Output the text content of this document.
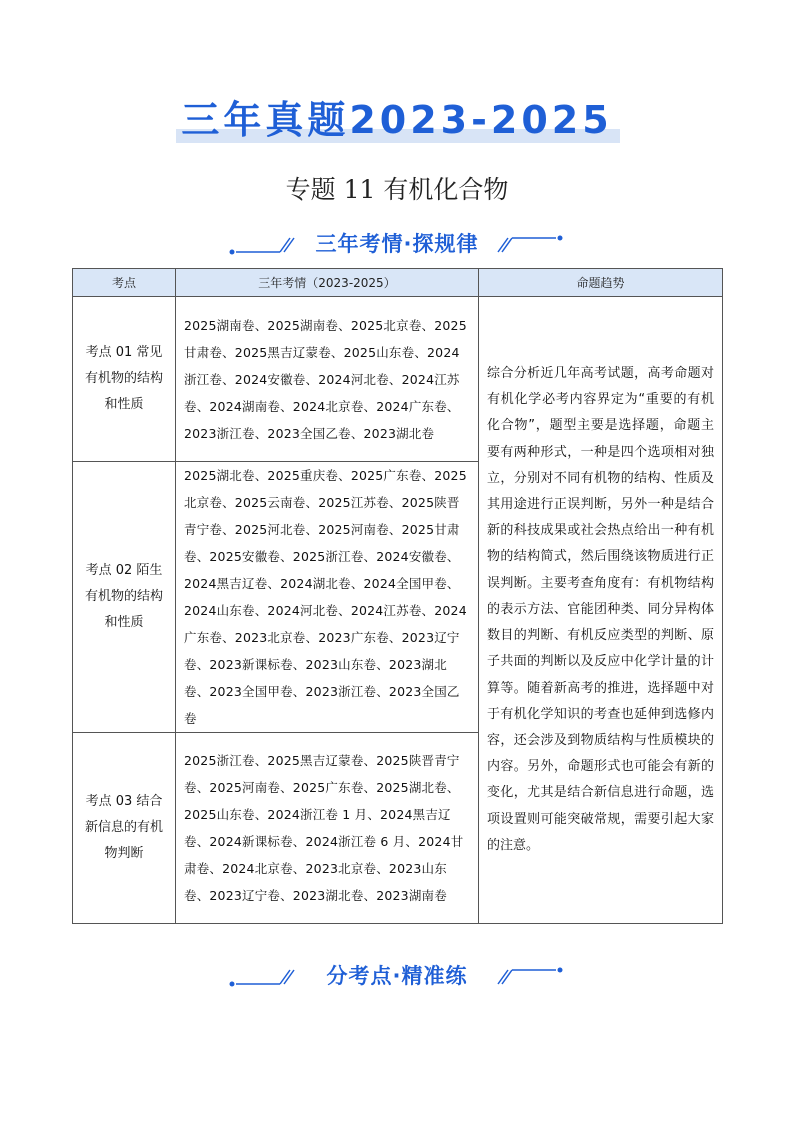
三年真题2023-2025
专题 11 有机化合物
三年考情·探规律
考点	三年考情（2023-2025）	命题趋势
考点 01 常见有机物的结构和性质	2025湖南卷、2025湖南卷、2025北京卷、2025甘肃卷、2025黑吉辽蒙卷、2025山东卷、2024浙江卷、2024安徽卷、2024河北卷、2024江苏卷、2024湖南卷、2024北京卷、2024广东卷、2023浙江卷、2023全国乙卷、2023湖北卷	综合分析近几年高考试题，高考命题对有机化学必考内容界定为“重要的有机化合物”，题型主要是选择题，命题主要有两种形式，一种是四个选项相对独立，分别对不同有机物的结构、性质及其用途进行正误判断，另外一种是结合新的科技成果或社会热点给出一种有机物的结构简式，然后围绕该物质进行正误判断。主要考查角度有：有机物结构的表示方法、官能团种类、同分异构体数目的判断、有机反应类型的判断、原子共面的判断以及反应中化学计量的计算等。随着新高考的推进，选择题中对于有机化学知识的考查也延伸到选修内容，还会涉及到物质结构与性质模块的内容。另外，命题形式也可能会有新的变化，尤其是结合新信息进行命题，选项设置则可能突破常规，需要引起大家的注意。
考点 02 陌生有机物的结构和性质	2025湖北卷、2025重庆卷、2025广东卷、2025北京卷、2025云南卷、2025江苏卷、2025陕晋青宁卷、2025河北卷、2025河南卷、2025甘肃卷、2025安徽卷、2025浙江卷、2024安徽卷、2024黑吉辽卷、2024湖北卷、2024全国甲卷、2024山东卷、2024河北卷、2024江苏卷、2024广东卷、2023北京卷、2023广东卷、2023辽宁卷、2023新课标卷、2023山东卷、2023湖北卷、2023全国甲卷、2023浙江卷、2023全国乙卷	
考点 03 结合新信息的有机物判断	2025浙江卷、2025黑吉辽蒙卷、2025陕晋青宁卷、2025河南卷、2025广东卷、2025湖北卷、2025山东卷、2024浙江卷 1 月、2024黑吉辽卷、2024新课标卷、2024浙江卷 6 月、2024甘肃卷、2024北京卷、2023北京卷、2023山东卷、2023辽宁卷、2023湖北卷、2023湖南卷	
分考点·精准练
